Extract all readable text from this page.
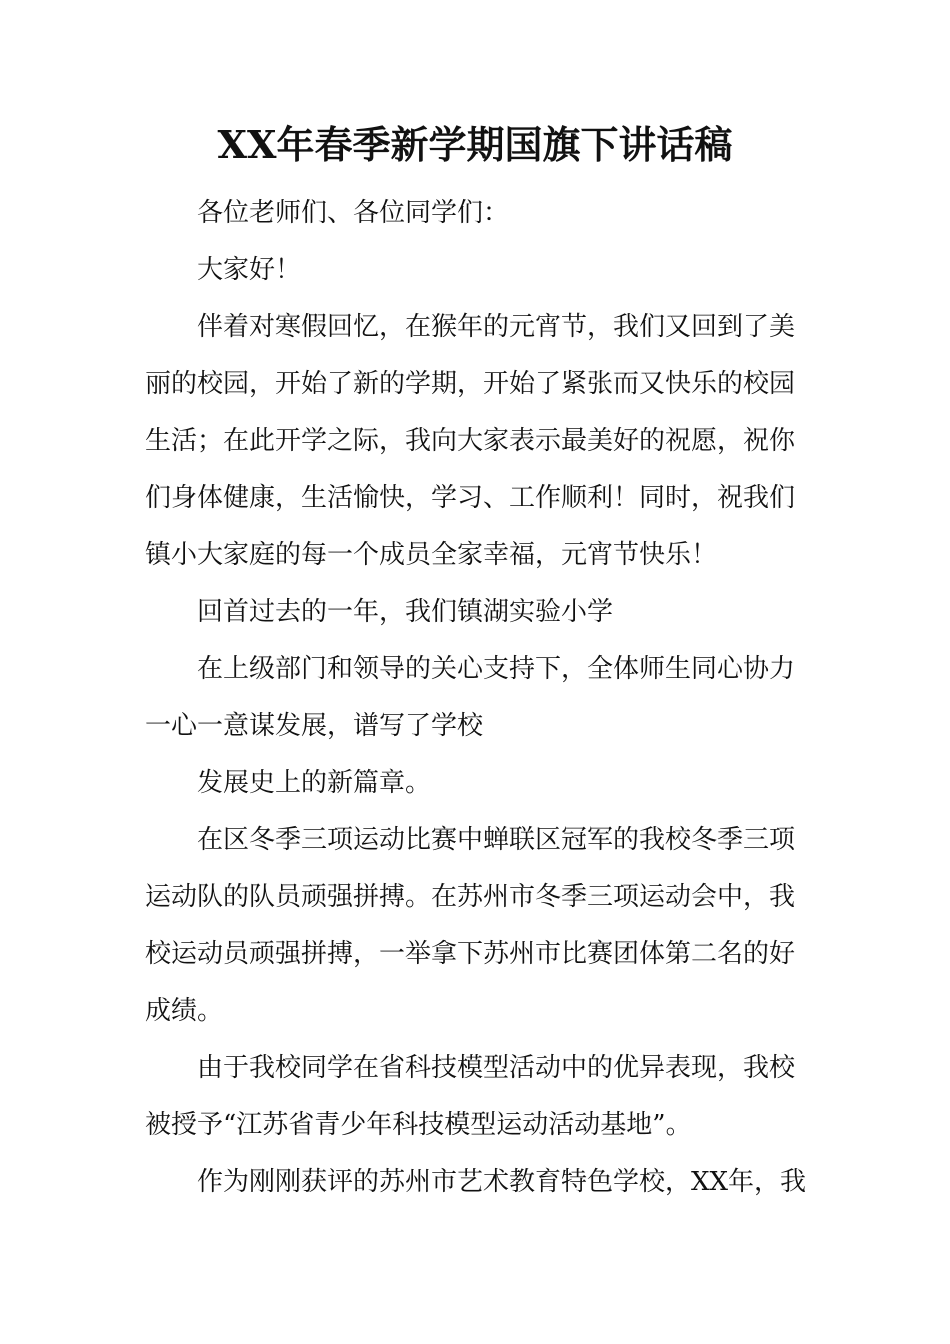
XX年春季新学期国旗下讲话稿
各位老师们、各位同学们：
大家好！
伴着对寒假回忆，在猴年的元宵节，我们又回到了美
丽的校园，开始了新的学期，开始了紧张而又快乐的校园
生活；在此开学之际，我向大家表示最美好的祝愿，祝你
们身体健康，生活愉快，学习、工作顺利！同时，祝我们
镇小大家庭的每一个成员全家幸福，元宵节快乐！
回首过去的一年，我们镇湖实验小学
在上级部门和领导的关心支持下，全体师生同心协力
一心一意谋发展，谱写了学校
发展史上的新篇章。
在区冬季三项运动比赛中蝉联区冠军的我校冬季三项
运动队的队员顽强拼搏。在苏州市冬季三项运动会中，我
校运动员顽强拼搏，一举拿下苏州市比赛团体第二名的好
成绩。
由于我校同学在省科技模型活动中的优异表现，我校
被授予“江苏省青少年科技模型运动活动基地”。
作为刚刚获评的苏州市艺术教育特色学校，XX年，我
